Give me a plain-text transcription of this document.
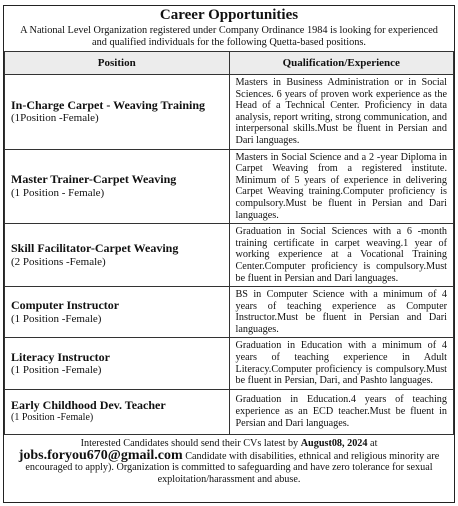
Career Opportunities
A National Level Organization registered under Company Ordinance 1984 is looking for experienced and qualified individuals for the following Quetta-based positions.
Position	Qualification/Experience

In-Charge Carpet - Weaving Training
(1Position -Female)	Masters in Business Administration or in Social Sciences. 6 years of proven work experience as the Head of a Technical Center. Proficiency in data analysis, report writing, strong communication, and interpersonal skills.Must be fluent in Persian and Dari languages.

Master Trainer-Carpet Weaving
(1 Position - Female)	Masters in Social Science and a 2 -year Diploma in Carpet Weaving from a registered institute. Minimum of 5 years of experience in delivering Carpet Weaving training.Computer proficiency is compulsory.Must be fluent in Persian and Dari languages.

Skill Facilitator-Carpet Weaving
(2 Positions -Female)	Graduation in Social Sciences with a 6 -month training certificate in carpet weaving.1 year of working experience at a Vocational Training Center.Computer proficiency is compulsory.Must be fluent in Persian and Dari languages.

Computer Instructor
(1 Position -Female)	BS in Computer Science with a minimum of 4 years of teaching experience as Computer Instructor.Must be fluent in Persian and Dari languages.

Literacy Instructor
(1 Position -Female)	Graduation in Education with a minimum of 4 years of teaching experience in Adult Literacy.Computer proficiency is compulsory.Must be fluent in Persian, Dari, and Pashto languages.

Early Childhood Dev. Teacher
(1 Position -Female)	Graduation in Education.4 years of teaching experience as an ECD teacher.Must be fluent in Persian and Dari languages.
Interested Candidates should send their CVs latest by August08, 2024 at
jobs.foryou670@gmail.com Candidate with disabilities, ethnical and religious minority are encouraged to apply). Organization is committed to safeguarding and have zero tolerance for sexual exploitation/harassment and abuse.
